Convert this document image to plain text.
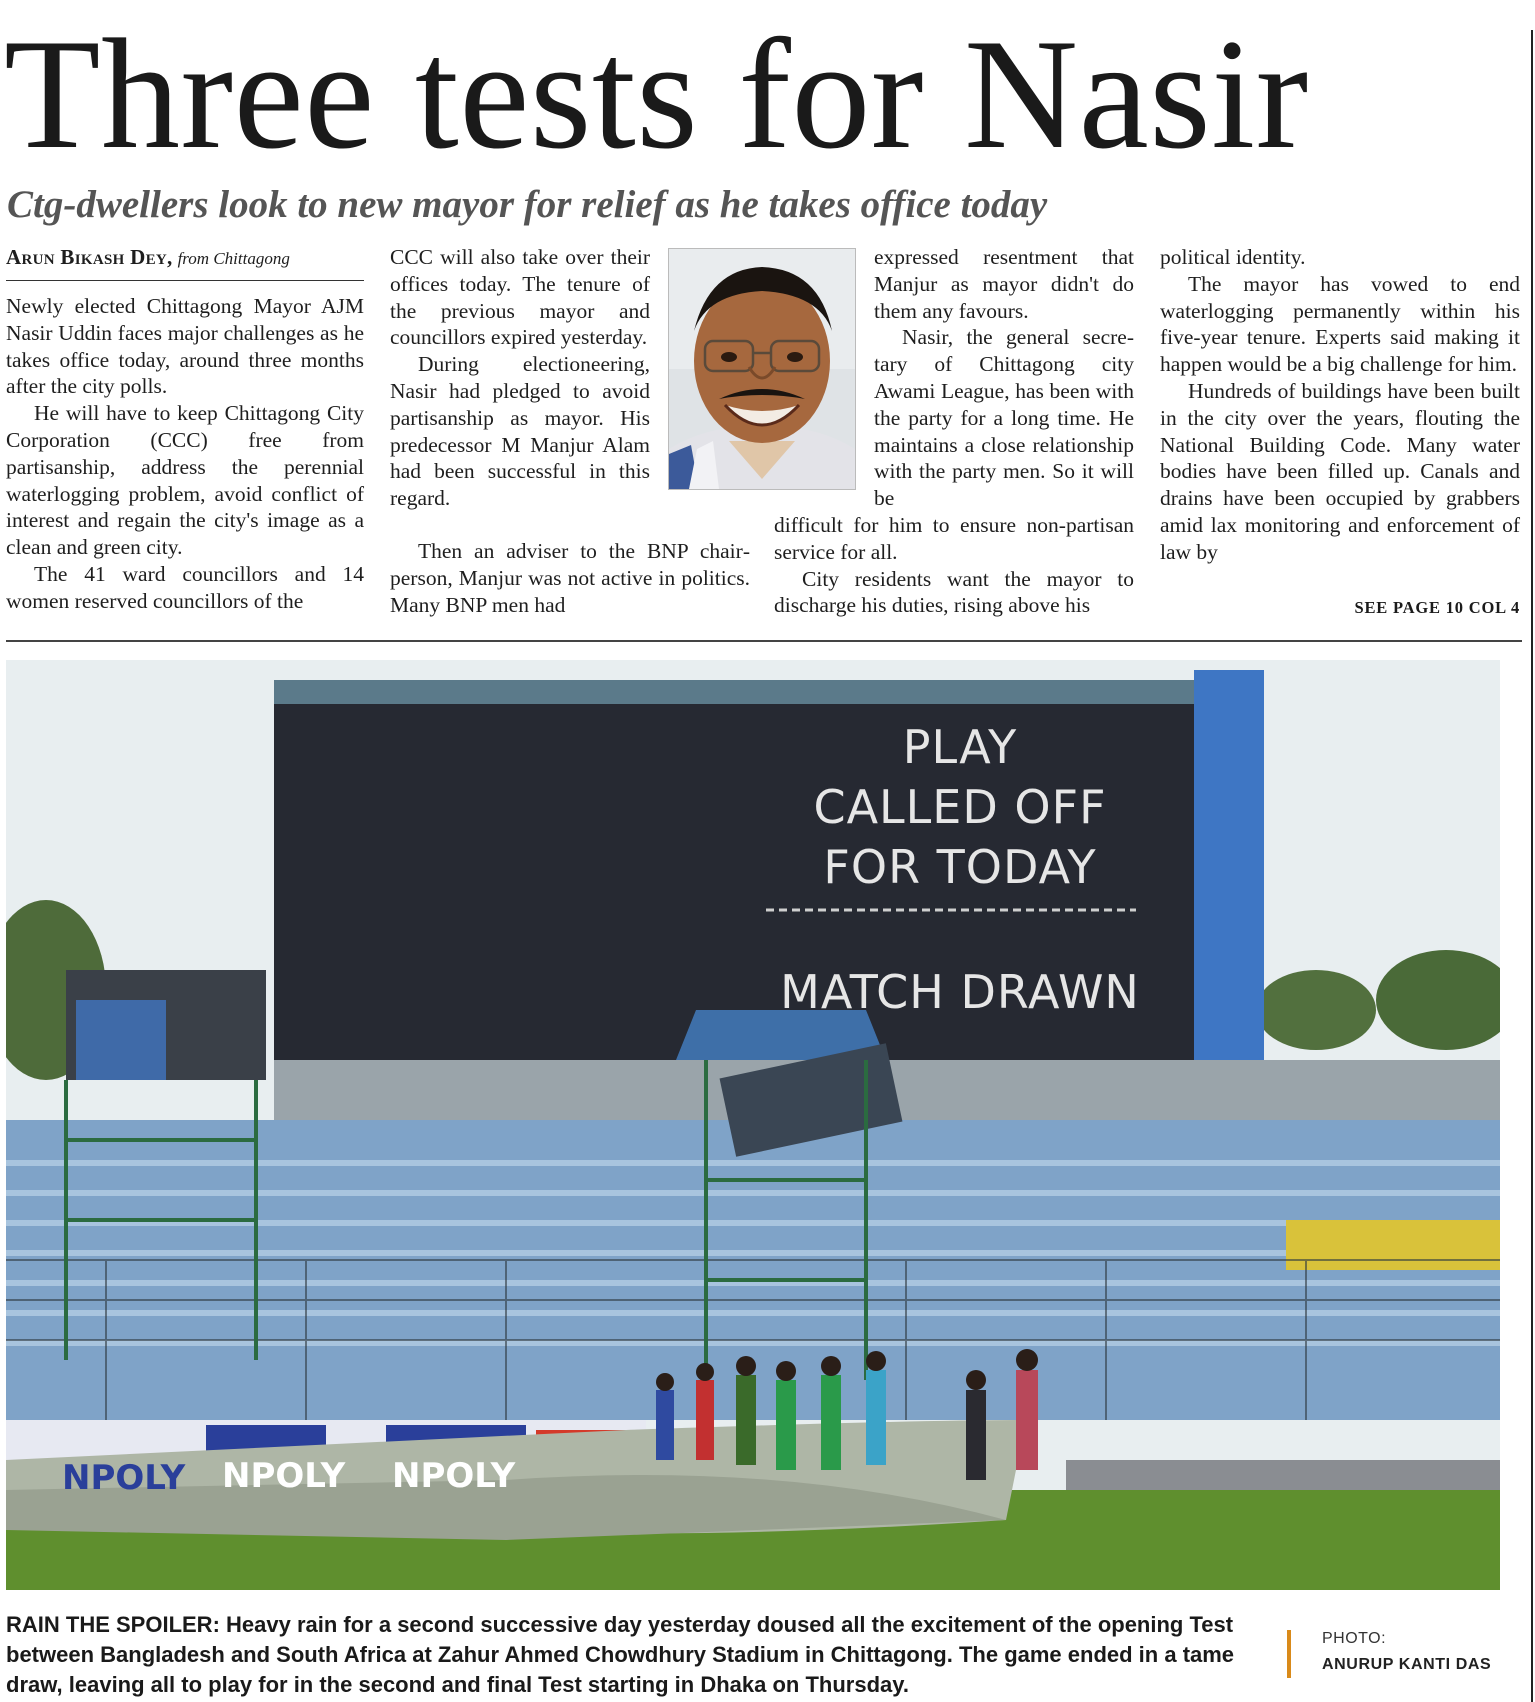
Three tests for Nasir
Ctg-dwellers look to new mayor for relief as he takes office today
Arun Bikash Dey, from Chittagong

Newly elected Chittagong Mayor AJM Nasir Uddin faces major challenges as he takes office today, around three months after the city polls.

He will have to keep Chittagong City Corporation (CCC) free from partisanship, address the perennial waterlogging problem, avoid conflict of interest and regain the city's image as a clean and green city.

The 41 ward councillors and 14 women reserved councillors of the

CCC will also take over their offices today. The tenure of the previous mayor and councillors expired yesterday.

During electioneering, Nasir had pledged to avoid partisanship as mayor. His predecessor M Manjur Alam had been successful in this regard.

Then an adviser to the BNP chairperson, Manjur was not active in politics. Many BNP men had

expressed resentment that Manjur as mayor didn't do them any favours.

Nasir, the general secretary of Chittagong city Awami League, has been with the party for a long time. He maintains a close relationship with the party men. So it will be

difficult for him to ensure non-partisan service for all.

City residents want the mayor to discharge his duties, rising above his

political identity.

The mayor has vowed to end waterlogging permanently within his five-year tenure. Experts said making it happen would be a big challenge for him.

Hundreds of buildings have been built in the city over the years, flouting the National Building Code. Many water bodies have been filled up. Canals and drains have been occupied by grabbers amid lax monitoring and enforcement of law by

SEE PAGE 10 COL 4
PLAY
CALLED OFF
FOR TODAY
MATCH DRAWN
NPOLY NPOLY NPOLY

RAIN THE SPOILER: Heavy rain for a second successive day yesterday doused all the excitement of the opening Test between Bangladesh and South Africa at Zahur Ahmed Chowdhury Stadium in Chittagong. The game ended in a tame draw, leaving all to play for in the second and final Test starting in Dhaka on Thursday.

PHOTO:
ANURUP KANTI DAS
